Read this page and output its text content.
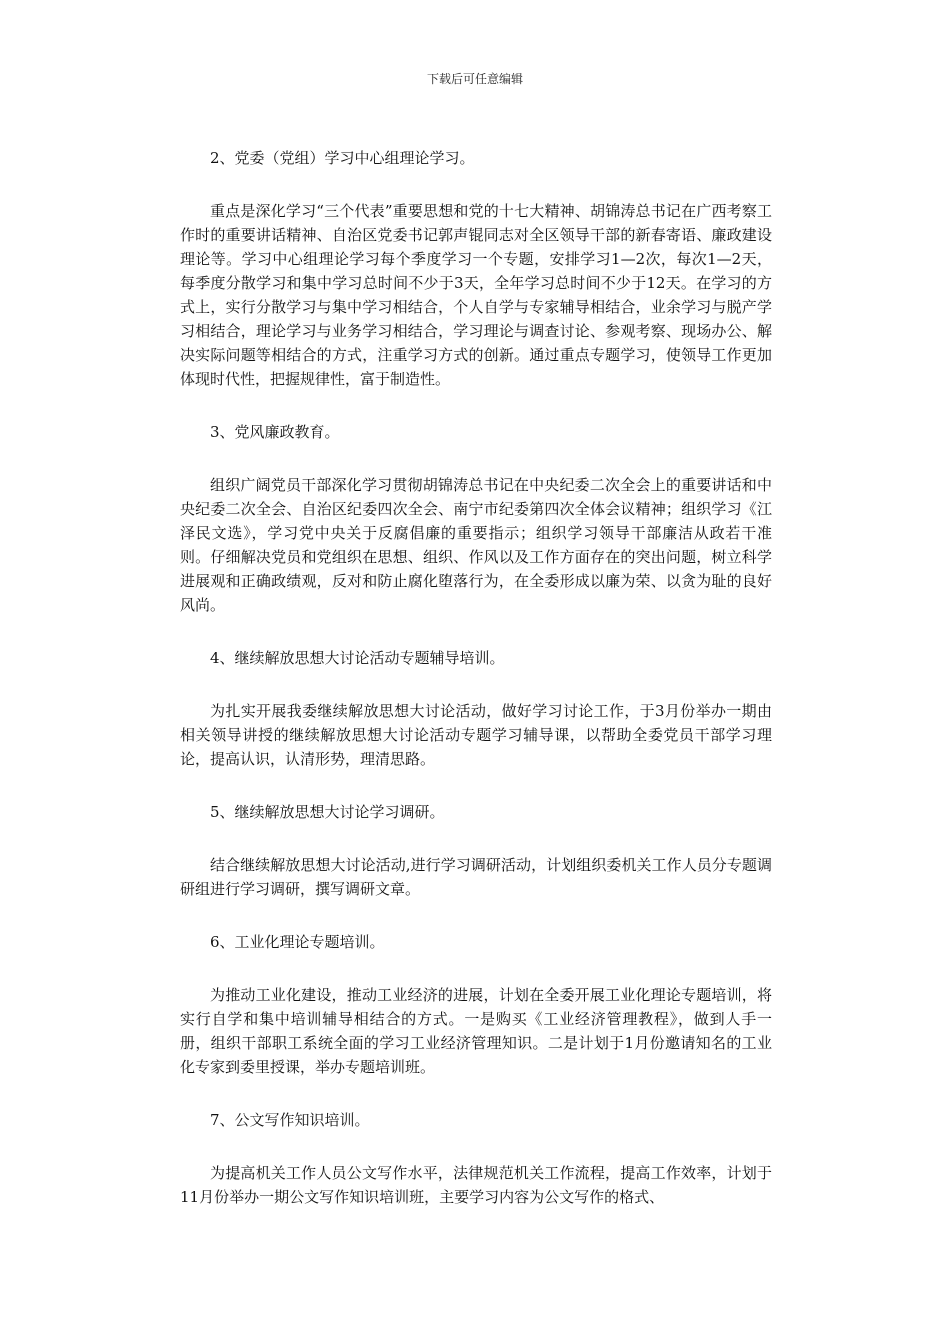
下载后可任意编辑

2、党委（党组）学习中心组理论学习。

重点是深化学习“三个代表”重要思想和党的十七大精神、胡锦涛总书记在广西考察工作时的重要讲话精神、自治区党委书记郭声锟同志对全区领导干部的新春寄语、廉政建设理论等。学习中心组理论学习每个季度学习一个专题，安排学习1—2次，每次1—2天，每季度分散学习和集中学习总时间不少于3天，全年学习总时间不少于12天。在学习的方式上，实行分散学习与集中学习相结合，个人自学与专家辅导相结合，业余学习与脱产学习相结合，理论学习与业务学习相结合，学习理论与调查讨论、参观考察、现场办公、解决实际问题等相结合的方式，注重学习方式的创新。通过重点专题学习，使领导工作更加体现时代性，把握规律性，富于制造性。

3、党风廉政教育。

组织广阔党员干部深化学习贯彻胡锦涛总书记在中央纪委二次全会上的重要讲话和中央纪委二次全会、自治区纪委四次全会、南宁市纪委第四次全体会议精神；组织学习《江泽民文选》，学习党中央关于反腐倡廉的重要指示；组织学习领导干部廉洁从政若干准则。仔细解决党员和党组织在思想、组织、作风以及工作方面存在的突出问题，树立科学进展观和正确政绩观，反对和防止腐化堕落行为，在全委形成以廉为荣、以贪为耻的良好风尚。

4、继续解放思想大讨论活动专题辅导培训。

为扎实开展我委继续解放思想大讨论活动，做好学习讨论工作，于3月份举办一期由相关领导讲授的继续解放思想大讨论活动专题学习辅导课，以帮助全委党员干部学习理论，提高认识，认清形势，理清思路。

5、继续解放思想大讨论学习调研。

结合继续解放思想大讨论活动,进行学习调研活动，计划组织委机关工作人员分专题调研组进行学习调研，撰写调研文章。

6、工业化理论专题培训。

为推动工业化建设，推动工业经济的进展，计划在全委开展工业化理论专题培训，将实行自学和集中培训辅导相结合的方式。一是购买《工业经济管理教程》，做到人手一册，组织干部职工系统全面的学习工业经济管理知识。二是计划于1月份邀请知名的工业化专家到委里授课，举办专题培训班。

7、公文写作知识培训。

为提高机关工作人员公文写作水平，法律规范机关工作流程，提高工作效率，计划于11月份举办一期公文写作知识培训班，主要学习内容为公文写作的格式、
